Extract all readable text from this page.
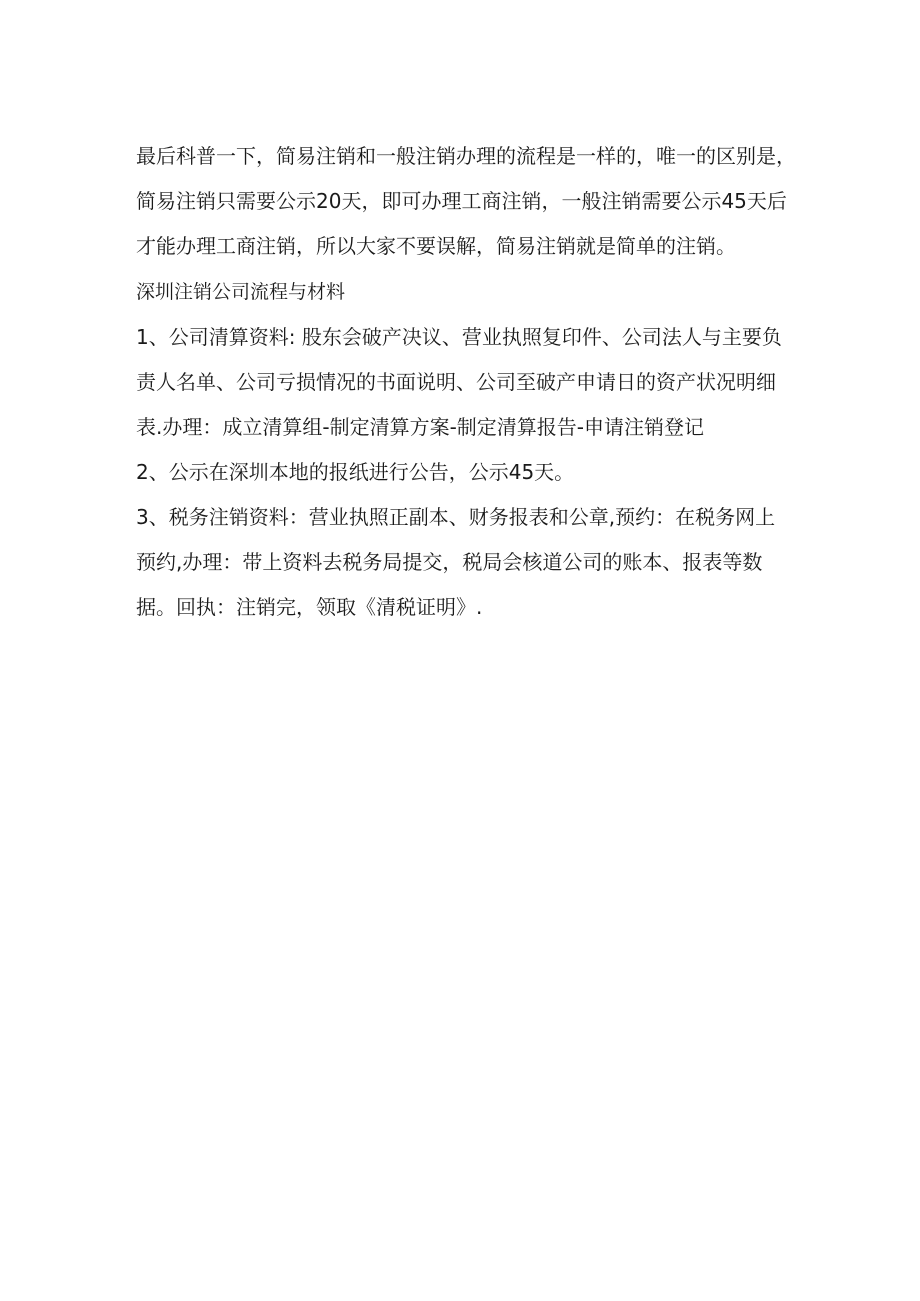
最后科普一下，简易注销和一般注销办理的流程是一样的，唯一的区别是，
简易注销只需要公示20天，即可办理工商注销，一般注销需要公示45天后
才能办理工商注销，所以大家不要误解，简易注销就是简单的注销。
深圳注销公司流程与材料
1、公司清算资料: 股东会破产决议、营业执照复印件、公司法人与主要负
责人名单、公司亏损情况的书面说明、公司至破产申请日的资产状况明细
表.办理：成立清算组-制定清算方案-制定清算报告-申请注销登记
2、公示在深圳本地的报纸进行公告，公示45天。
3、税务注销资料：营业执照正副本、财务报表和公章,预约：在税务网上
预约,办理：带上资料去税务局提交，税局会核道公司的账本、报表等数
据。回执：注销完，领取《清税证明》.
